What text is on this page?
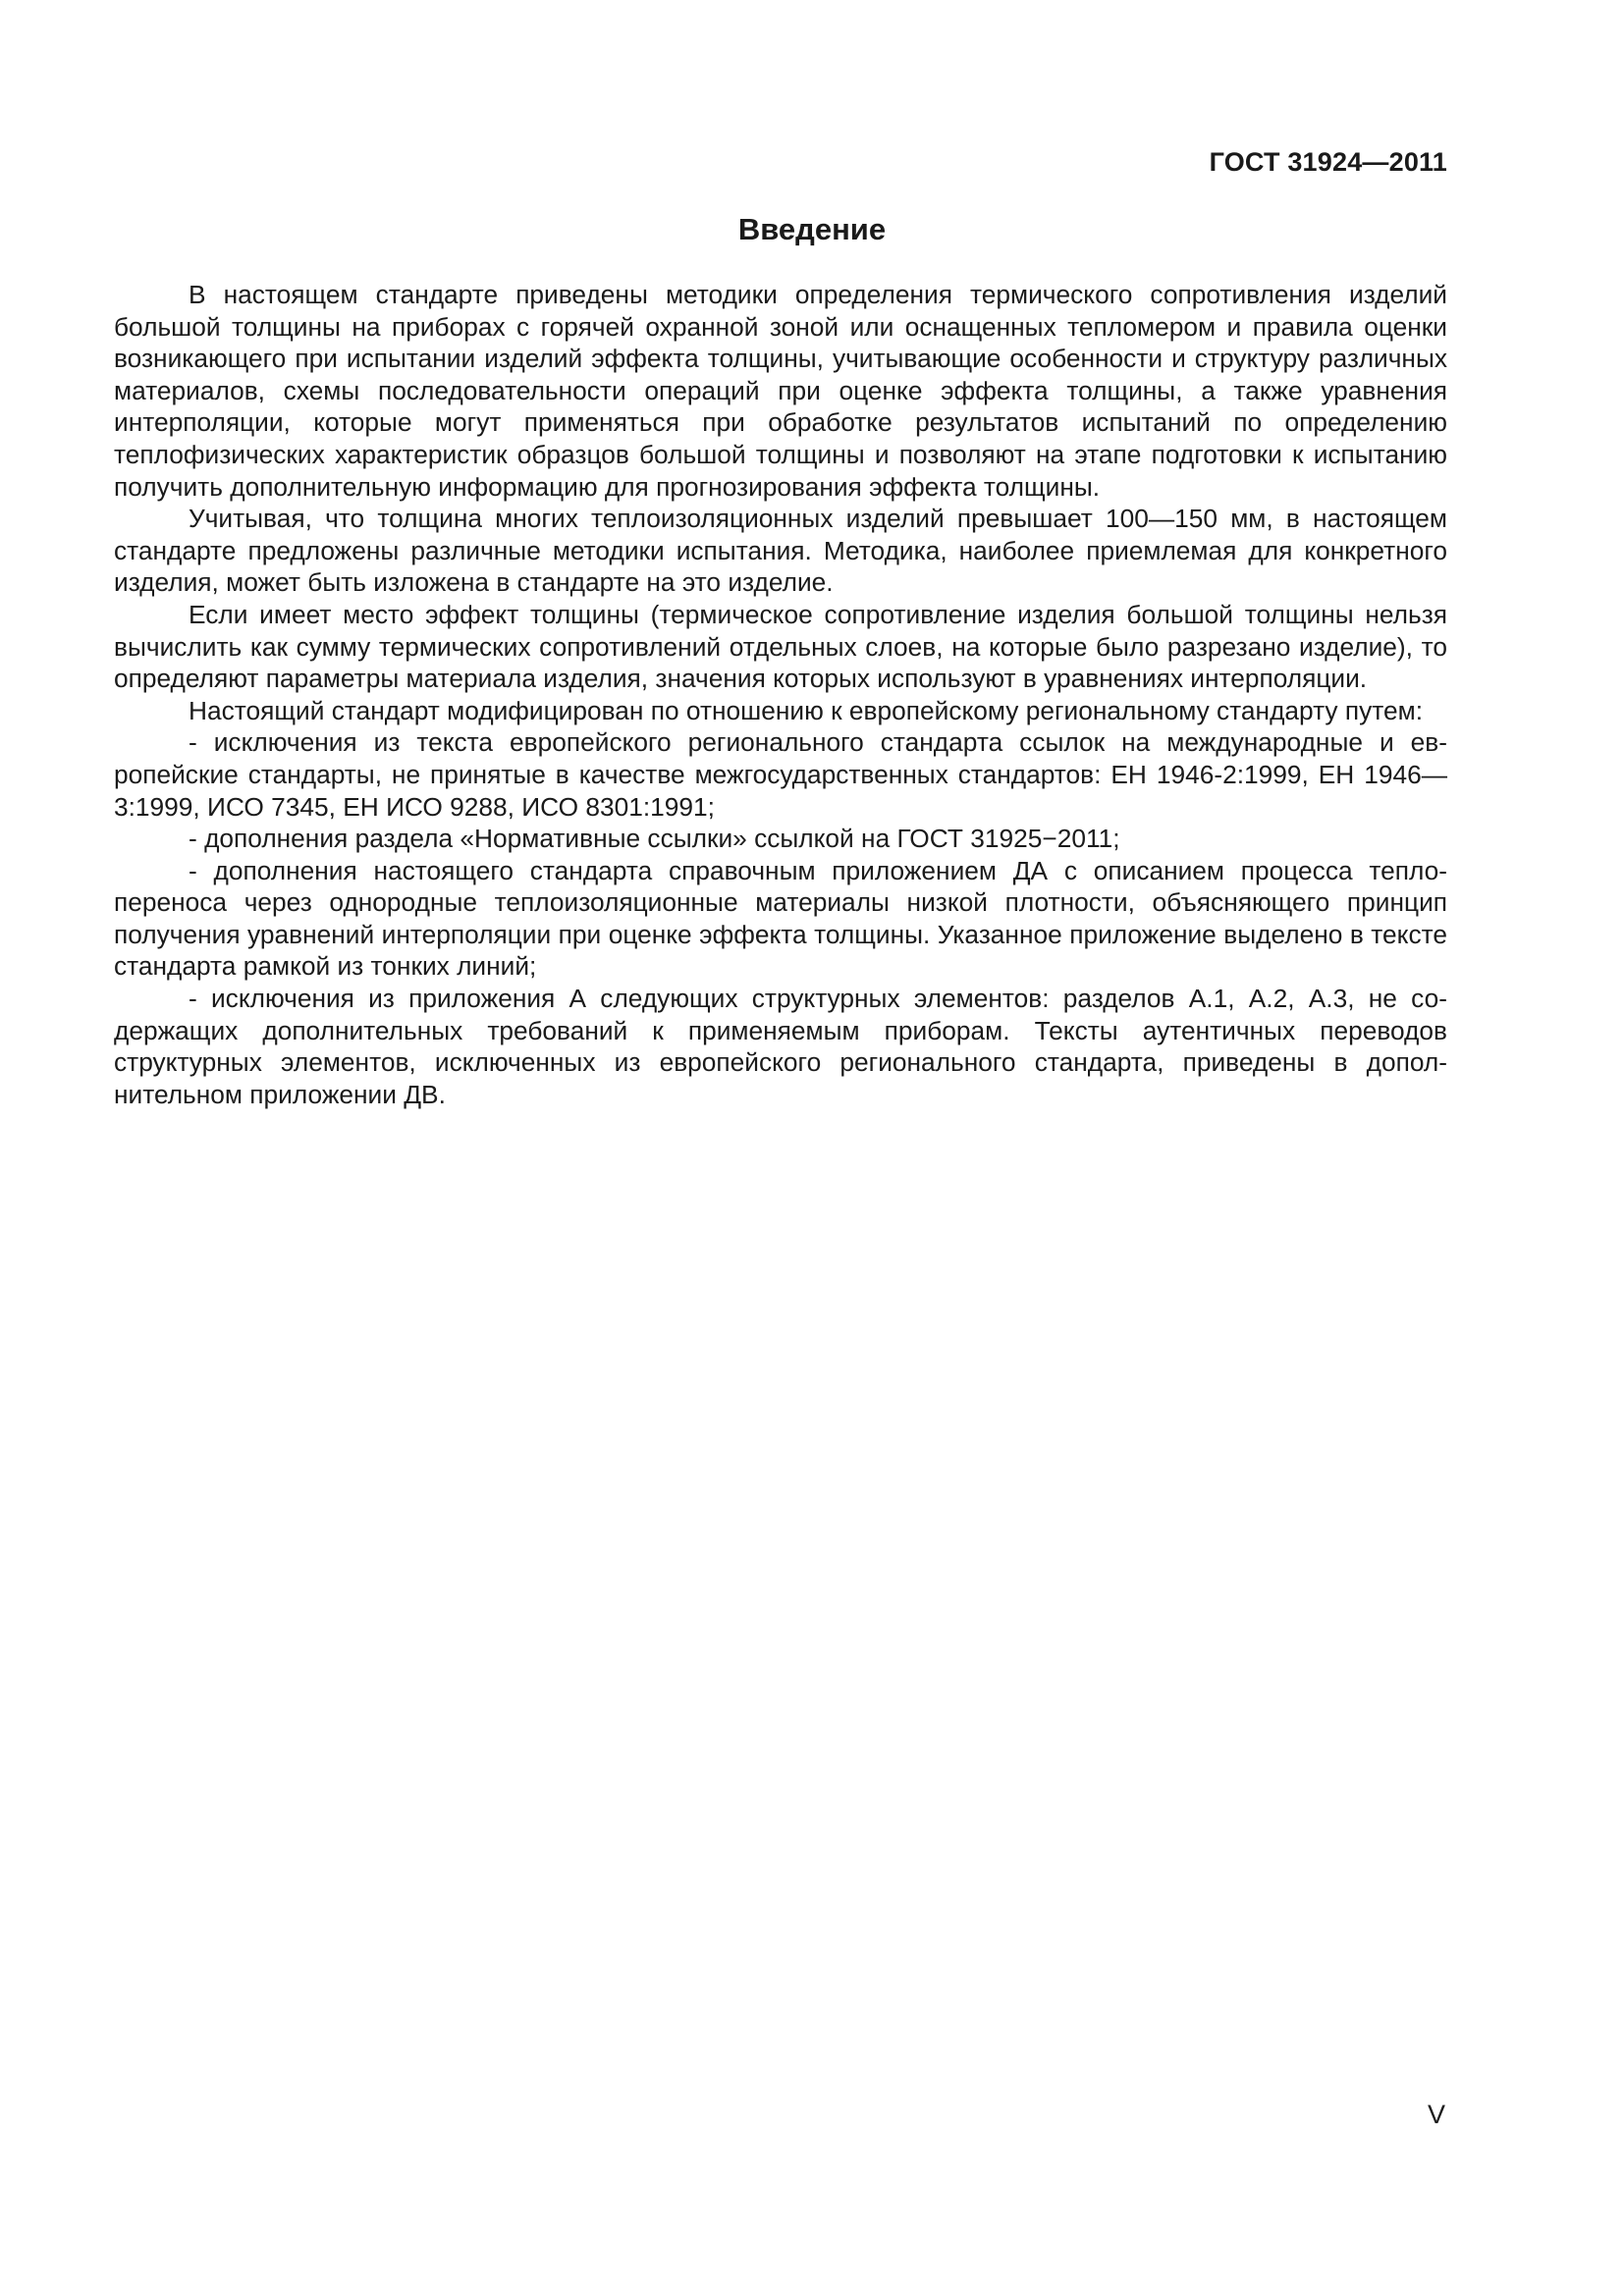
ГОСТ 31924—2011
Введение

В настоящем стандарте приведены методики определения термического сопротивления изделий большой толщины на приборах с горячей охранной зоной или оснащенных тепломером и правила оценки возникающего при испытании изделий эффекта толщины, учитывающие особенности и структуру различных материалов, схемы последовательности операций при оценке эффекта толщины, а также уравнения интерполяции, которые могут применяться при обработке результатов испытаний по определению теплофизических характеристик образцов большой толщины и позволяют на этапе подготовки к испытанию получить дополнительную информацию для прогнозирования эффекта толщины.

Учитывая, что толщина многих теплоизоляционных изделий превышает 100—150 мм, в настоящем стандарте предложены различные методики испытания. Методика, наиболее приемлемая для конкретного изделия, может быть изложена в стандарте на это изделие.

Если имеет место эффект толщины (термическое сопротивление изделия большой толщины нельзя вычислить как сумму термических сопротивлений отдельных слоев, на которые было разрезано изделие), то определяют параметры материала изделия, значения которых используют в уравнениях интерполяции.

Настоящий стандарт модифицирован по отношению к европейскому региональному стандарту путем:

- исключения из текста европейского регионального стандарта ссылок на международные и европейские стандарты, не принятые в качестве межгосударственных стандартов: ЕН 1946-2:1999, ЕН 1946—3:1999, ИСО 7345, ЕН ИСО 9288, ИСО 8301:1991;

- дополнения раздела «Нормативные ссылки» ссылкой на ГОСТ 31925−2011;

- дополнения настоящего стандарта справочным приложением ДА с описанием процесса теплопереноса через однородные теплоизоляционные материалы низкой плотности, объясняющего принцип получения уравнений интерполяции при оценке эффекта толщины. Указанное приложение выделено в тексте стандарта рамкой из тонких линий;

- исключения из приложения А следующих структурных элементов: разделов А.1, А.2, А.3, не содержащих дополнительных требований к применяемым приборам. Тексты аутентичных переводов структурных элементов, исключенных из европейского регионального стандарта, приведены в дополнительном приложении ДВ.

V
